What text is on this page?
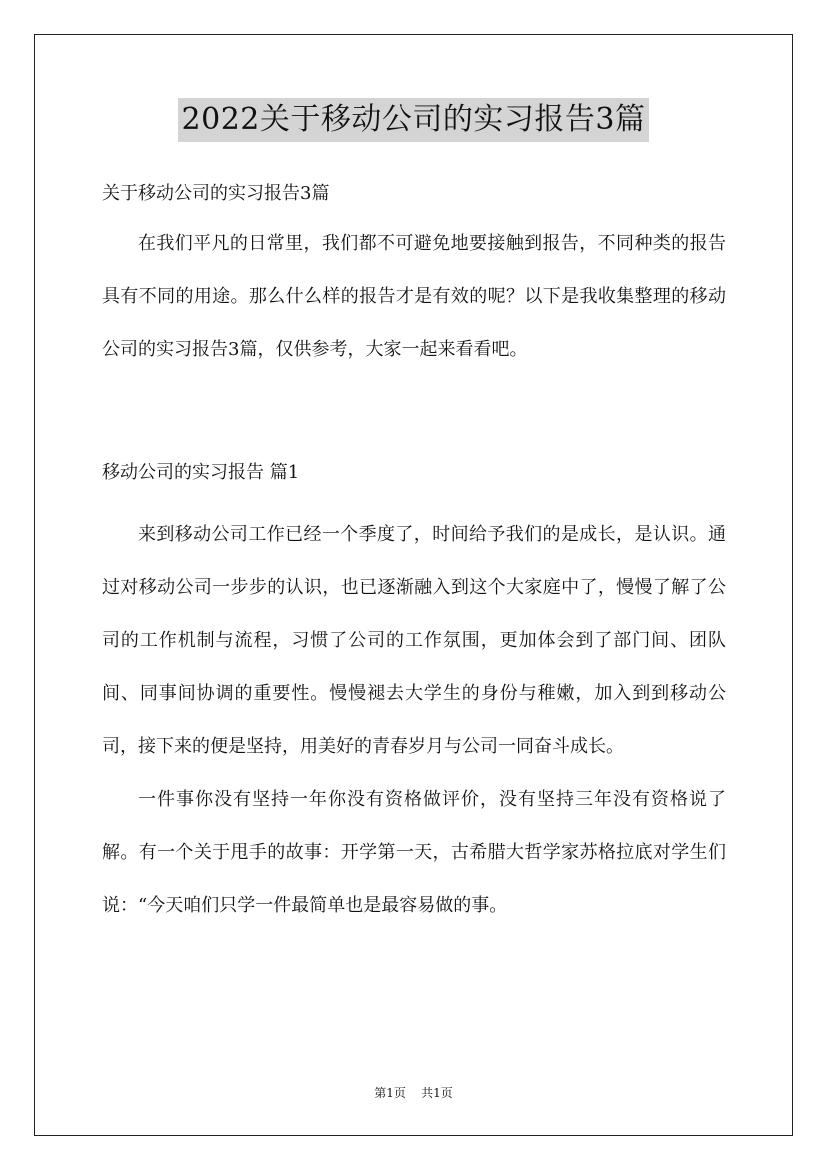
2022关于移动公司的实习报告3篇

关于移动公司的实习报告3篇

在我们平凡的日常里，我们都不可避免地要接触到报告，不同种类的报告具有不同的用途。那么什么样的报告才是有效的呢？以下是我收集整理的移动公司的实习报告3篇，仅供参考，大家一起来看看吧。

移动公司的实习报告 篇1

来到移动公司工作已经一个季度了，时间给予我们的是成长，是认识。通过对移动公司一步步的认识，也已逐渐融入到这个大家庭中了，慢慢了解了公司的工作机制与流程，习惯了公司的工作氛围，更加体会到了部门间、团队间、同事间协调的重要性。慢慢褪去大学生的身份与稚嫩，加入到到移动公司，接下来的便是坚持，用美好的青春岁月与公司一同奋斗成长。

一件事你没有坚持一年你没有资格做评价，没有坚持三年没有资格说了解。有一个关于甩手的故事：开学第一天，古希腊大哲学家苏格拉底对学生们说：“今天咱们只学一件最简单也是最容易做的事。

第1页 共1页
